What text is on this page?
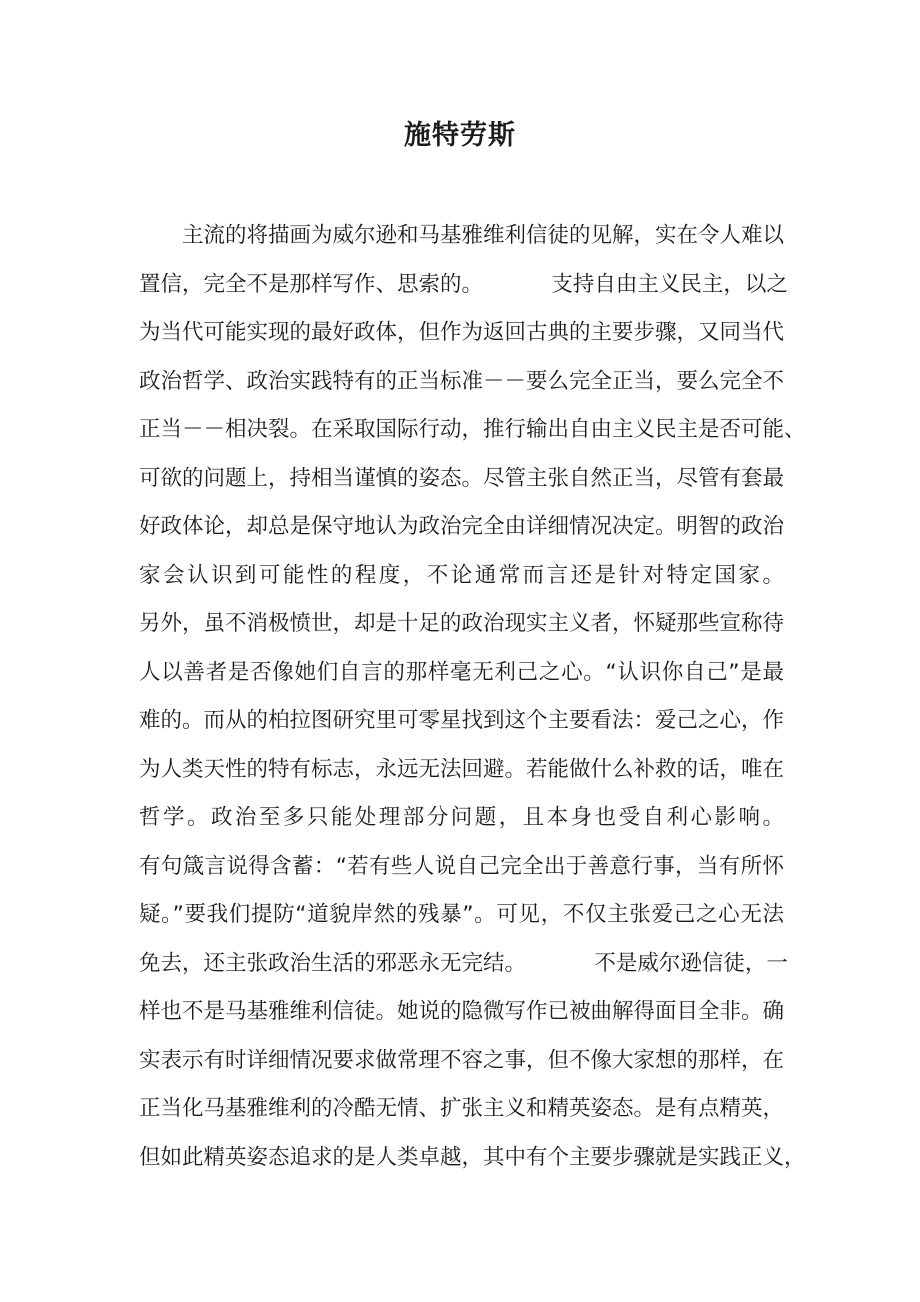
施特劳斯
主流的将描画为威尔逊和马基雅维利信徒的见解，实在令人难以
置信，完全不是那样写作、思索的。          支持自由主义民主，以之
为当代可能实现的最好政体，但作为返回古典的主要步骤，又同当代
政治哲学、政治实践特有的正当标准－－要么完全正当，要么完全不
正当－－相决裂。在采取国际行动，推行输出自由主义民主是否可能、
可欲的问题上，持相当谨慎的姿态。尽管主张自然正当，尽管有套最
好政体论，却总是保守地认为政治完全由详细情况决定。明智的政治
家会认识到可能性的程度，不论通常而言还是针对特定国家。
另外，虽不消极愤世，却是十足的政治现实主义者，怀疑那些宣称待
人以善者是否像她们自言的那样毫无利己之心。“认识你自己”是最
难的。而从的柏拉图研究里可零星找到这个主要看法：爱己之心，作
为人类天性的特有标志，永远无法回避。若能做什么补救的话，唯在
哲学。政治至多只能处理部分问题，且本身也受自利心影响。
有句箴言说得含蓄：“若有些人说自己完全出于善意行事，当有所怀
疑。”要我们提防“道貌岸然的残暴”。可见，不仅主张爱己之心无法
免去，还主张政治生活的邪恶永无完结。          不是威尔逊信徒，一
样也不是马基雅维利信徒。她说的隐微写作已被曲解得面目全非。确
实表示有时详细情况要求做常理不容之事，但不像大家想的那样，在
正当化马基雅维利的冷酷无情、扩张主义和精英姿态。是有点精英，
但如此精英姿态追求的是人类卓越，其中有个主要步骤就是实践正义，
